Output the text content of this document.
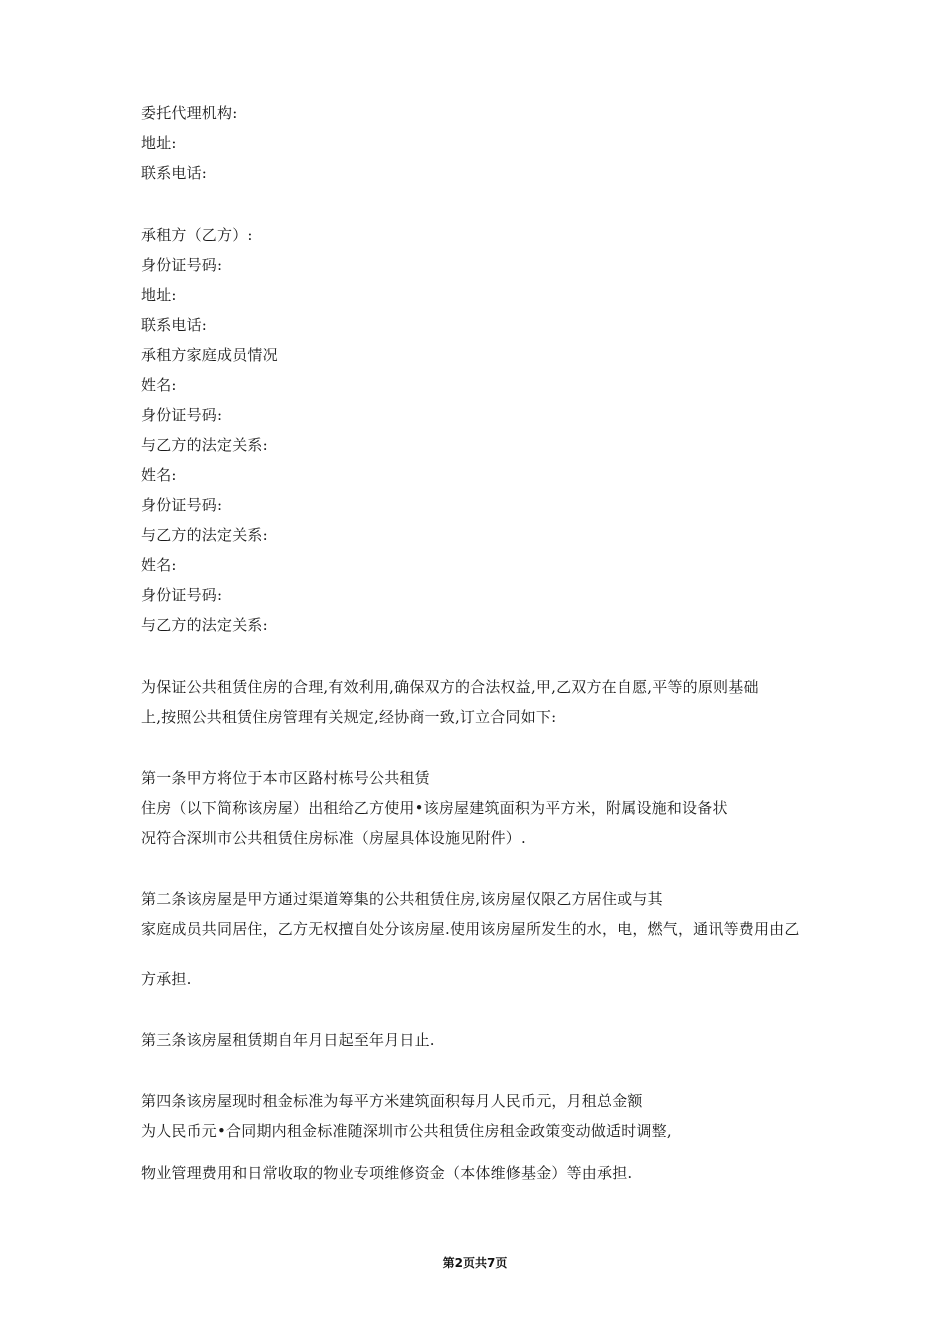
委托代理机构:
地址:
联系电话:
承租方（乙方）:
身份证号码:
地址:
联系电话:
承租方家庭成员情况
姓名:
身份证号码:
与乙方的法定关系:
姓名:
身份证号码:
与乙方的法定关系:
姓名:
身份证号码:
与乙方的法定关系:
为保证公共租赁住房的合理,有效利用,确保双方的合法权益,甲,乙双方在自愿,平等的原则基础
上,按照公共租赁住房管理有关规定,经协商一致,订立合同如下:
第一条甲方将位于本市区路村栋号公共租赁
住房（以下简称该房屋）出租给乙方使用•该房屋建筑面积为平方米，附属设施和设备状
况符合深圳市公共租赁住房标准（房屋具体设施见附件）.
第二条该房屋是甲方通过渠道筹集的公共租赁住房,该房屋仅限乙方居住或与其
家庭成员共同居住，乙方无权擅自处分该房屋.使用该房屋所发生的水，电，燃气，通讯等费用由乙
方承担.
第三条该房屋租赁期自年月日起至年月日止.
第四条该房屋现时租金标准为每平方米建筑面积每月人民币元，月租总金额
为人民币元•合同期内租金标准随深圳市公共租赁住房租金政策变动做适时调整,
物业管理费用和日常收取的物业专项维修资金（本体维修基金）等由承担.
第2页共7页
